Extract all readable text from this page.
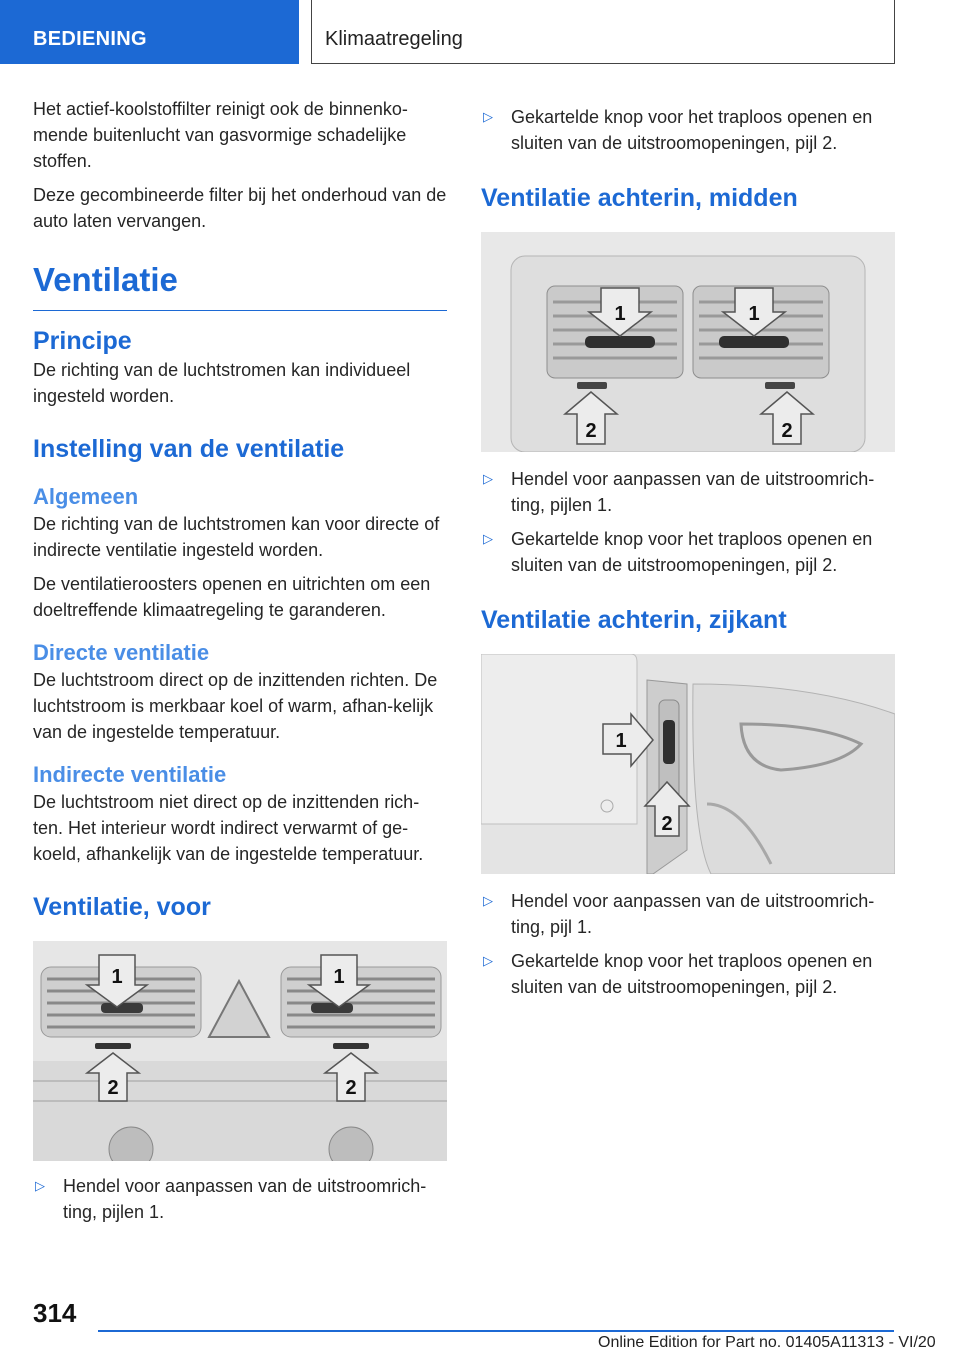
BEDIENING	Klimaatregeling

Het actief-koolstoffilter reinigt ook de binnenko-mende buitenlucht van gasvormige schadelijke stoffen.

Deze gecombineerde filter bij het onderhoud van de auto laten vervangen.

Ventilatie
Principe

De richting van de luchtstromen kan individueel ingesteld worden.

Instelling van de ventilatie
Algemeen

De richting van de luchtstromen kan voor directe of indirecte ventilatie ingesteld worden.

De ventilatieroosters openen en uitrichten om een doeltreffende klimaatregeling te garanderen.

Directe ventilatie

De luchtstroom direct op de inzittenden richten. De luchtstroom is merkbaar koel of warm, afhan-kelijk van de ingestelde temperatuur.

Indirecte ventilatie

De luchtstroom niet direct op de inzittenden rich-ten. Het interieur wordt indirect verwarmt of ge-koeld, afhankelijk van de ingestelde temperatuur.

Ventilatie, voor
1	1
2	2
▷	Hendel voor aanpassen van de uitstroomrich-ting, pijlen 1.
▷	Gekartelde knop voor het traploos openen en sluiten van de uitstroomopeningen, pijl 2.
Ventilatie achterin, midden
1	1
2	2
▷	Hendel voor aanpassen van de uitstroomrich-ting, pijlen 1.
▷	Gekartelde knop voor het traploos openen en sluiten van de uitstroomopeningen, pijl 2.
Ventilatie achterin, zijkant
1
2
▷	Hendel voor aanpassen van de uitstroomrich-ting, pijl 1.
▷	Gekartelde knop voor het traploos openen en sluiten van de uitstroomopeningen, pijl 2.
314
Online Edition for Part no. 01405A11313 - VI/20
